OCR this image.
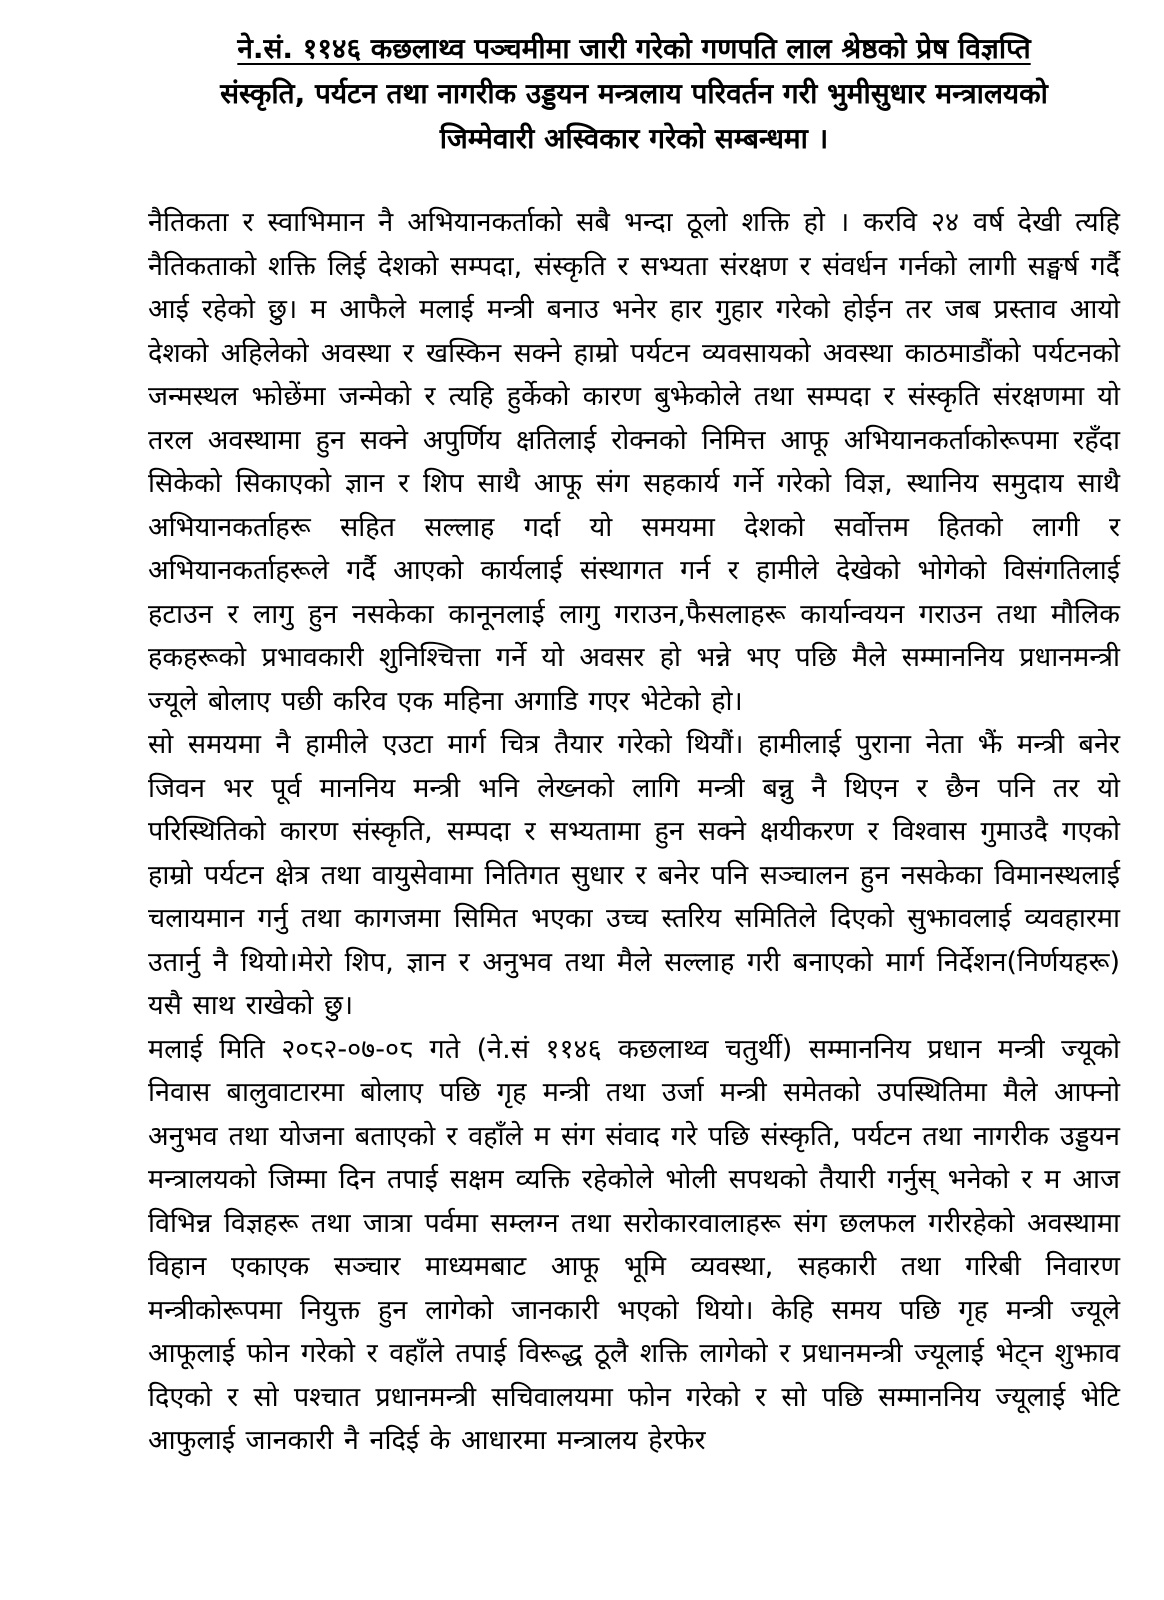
ने.सं. ११४६ कछलाथ्व पञ्चमीमा जारी गरेको गणपति लाल श्रेष्ठको प्रेष विज्ञप्ति
संस्कृति, पर्यटन तथा नागरीक उड्डयन मन्त्रलाय परिवर्तन गरी भुमीसुधार मन्त्रालयको
जिम्मेवारी अस्विकार गरेको सम्बन्धमा ।

नैतिकता र स्वाभिमान नै अभियानकर्ताको सबै भन्दा ठूलो शक्ति हो । करवि २४ वर्ष देखी त्यहि नैतिकताको शक्ति लिई देशको सम्पदा, संस्कृति र सभ्यता संरक्षण र संवर्धन गर्नको लागी सङ्घर्ष गर्दै आई रहेको छु। म आफैले मलाई मन्त्री बनाउ भनेर हार गुहार गरेको होईन तर जब प्रस्ताव आयो देशको अहिलेको अवस्था र खस्किन सक्ने हाम्रो पर्यटन व्यवसायको अवस्था काठमाडौंको पर्यटनको जन्मस्थल झोछेंमा जन्मेको र त्यहि हुर्केको कारण बुझेकोले तथा सम्पदा र संस्कृति संरक्षणमा यो तरल अवस्थामा हुन सक्ने अपुर्णिय क्षतिलाई रोक्नको निमित्त आफू अभियानकर्ताकोरूपमा रहँदा सिकेको सिकाएको ज्ञान र शिप साथै आफू संग सहकार्य गर्ने गरेको विज्ञ, स्थानिय समुदाय साथै अभियानकर्ताहरू सहित सल्लाह गर्दा यो समयमा देशको सर्वोत्तम हितको लागी र अभियानकर्ताहरूले गर्दै आएको कार्यलाई संस्थागत गर्न र हामीले देखेको भोगेको विसंगतिलाई हटाउन र लागु हुन नसकेका कानूनलाई लागु गराउन,फैसलाहरू कार्यान्वयन गराउन तथा मौलिक हकहरूको प्रभावकारी शुनिश्चित्ता गर्ने यो अवसर हो भन्ने भए पछि मैले सम्माननिय प्रधानमन्त्री ज्यूले बोलाए पछी करिव एक महिना अगाडि गएर भेटेको हो।

सो समयमा नै हामीले एउटा मार्ग चित्र तैयार गरेको थियौं। हामीलाई पुराना नेता झैं मन्त्री बनेर जिवन भर पूर्व माननिय मन्त्री भनि लेख्नको लागि मन्त्री बन्नु नै थिएन र छैन पनि तर यो परिस्थितिको कारण संस्कृति, सम्पदा र सभ्यतामा हुन सक्ने क्षयीकरण र विश्वास गुमाउदै गएको हाम्रो पर्यटन क्षेत्र तथा वायुसेवामा नितिगत सुधार र बनेर पनि सञ्चालन हुन नसकेका विमानस्थलाई चलायमान गर्नु तथा कागजमा सिमित भएका उच्च स्तरिय समितिले दिएको सुझावलाई व्यवहारमा उतार्नु नै थियो।मेरो शिप, ज्ञान र अनुभव तथा मैले सल्लाह गरी बनाएको मार्ग निर्देशन(निर्णयहरू) यसै साथ राखेको छु।

मलाई मिति २०८२-०७-०८ गते (ने.सं ११४६ कछलाथ्व चतुर्थी) सम्माननिय प्रधान मन्त्री ज्यूको निवास बालुवाटारमा बोलाए पछि गृह मन्त्री तथा उर्जा मन्त्री समेतको उपस्थितिमा मैले आफ्नो अनुभव तथा योजना बताएको र वहाँले म संग संवाद गरे पछि संस्कृति, पर्यटन तथा नागरीक उड्डयन मन्त्रालयको जिम्मा दिन तपाई सक्षम व्यक्ति रहेकोले भोली सपथको तैयारी गर्नुस् भनेको र म आज विभिन्न विज्ञहरू तथा जात्रा पर्वमा सम्लग्न तथा सरोकारवालाहरू संग छलफल गरीरहेको अवस्थामा विहान एकाएक सञ्चार माध्यमबाट आफू भूमि व्यवस्था, सहकारी तथा गरिबी निवारण मन्त्रीकोरूपमा नियुक्त हुन लागेको जानकारी भएको थियो। केहि समय पछि गृह मन्त्री ज्यूले आफूलाई फोन गरेको र वहाँले तपाई विरूद्ध ठूलै शक्ति लागेको र प्रधानमन्त्री ज्यूलाई भेट्न शुझाव दिएको र सो पश्चात प्रधानमन्त्री सचिवालयमा फोन गरेको र सो पछि सम्माननिय ज्यूलाई भेटि आफुलाई जानकारी नै नदिई के आधारमा मन्त्रालय हेरफेर
